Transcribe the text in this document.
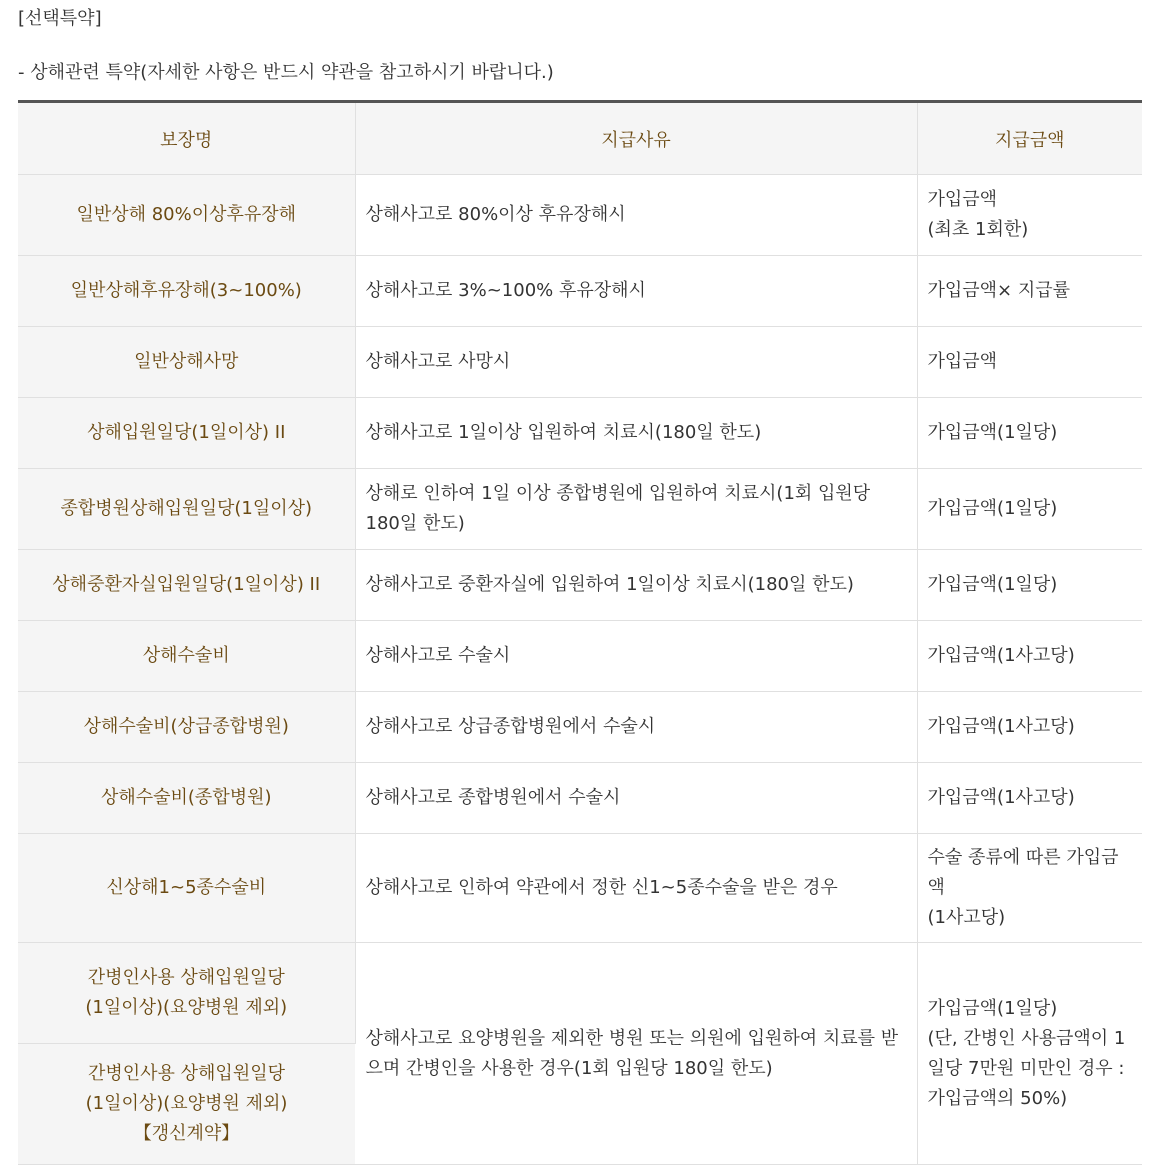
[선택특약]

- 상해관련 특약(자세한 사항은 반드시 약관을 참고하시기 바랍니다.)

보장명	지급사유	지급금액
일반상해 80%이상후유장해	상해사고로 80%이상 후유장해시	가입금액
(최초 1회한)
일반상해후유장해(3~100%)	상해사고로 3%~100% 후유장해시	가입금액× 지급률
일반상해사망	상해사고로 사망시	가입금액
상해입원일당(1일이상) II	상해사고로 1일이상 입원하여 치료시(180일 한도)	가입금액(1일당)
종합병원상해입원일당(1일이상)	상해로 인하여 1일 이상 종합병원에 입원하여 치료시(1회 입원당 180일 한도)	가입금액(1일당)
상해중환자실입원일당(1일이상) II	상해사고로 중환자실에 입원하여 1일이상 치료시(180일 한도)	가입금액(1일당)
상해수술비	상해사고로 수술시	가입금액(1사고당)
상해수술비(상급종합병원)	상해사고로 상급종합병원에서 수술시	가입금액(1사고당)
상해수술비(종합병원)	상해사고로 종합병원에서 수술시	가입금액(1사고당)
신상해1~5종수술비	상해사고로 인하여 약관에서 정한 신1~5종수술을 받은 경우	수술 종류에 따른 가입금액
(1사고당)
간병인사용 상해입원일당
(1일이상)(요양병원 제외)	상해사고로 요양병원을 제외한 병원 또는 의원에 입원하여 치료를 받으며 간병인을 사용한 경우(1회 입원당 180일 한도)	가입금액(1일당)
(단, 간병인 사용금액이 1일당 7만원 미만인 경우 : 가입금액의 50%)
간병인사용 상해입원일당
(1일이상)(요양병원 제외)
【갱신계약】		
